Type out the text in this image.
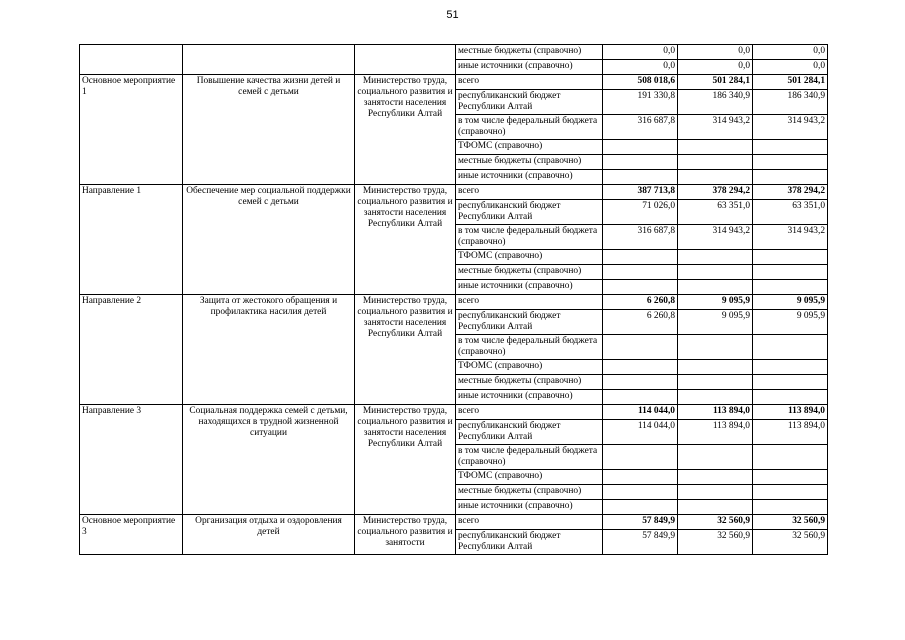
51
			местные бюджеты (справочно)	0,0	0,0	0,0
			иные источники (справочно)	0,0	0,0	0,0
Основное мероприятие 1	Повышение качества жизни детей и семей с детьми	Министерство труда, социального развития и занятости населения Республики Алтай	всего	508 018,6	501 284,1	501 284,1
			республиканский бюджет Республики Алтай	191 330,8	186 340,9	186 340,9
			в том числе федеральный бюджета (справочно)	316 687,8	314 943,2	314 943,2
			ТФОМС (справочно)			
			местные бюджеты (справочно)			
			иные источники (справочно)			
Направление 1	Обеспечение мер социальной поддержки семей с детьми	Министерство труда, социального развития и занятости населения Республики Алтай	всего	387 713,8	378 294,2	378 294,2
			республиканский бюджет Республики Алтай	71 026,0	63 351,0	63 351,0
			в том числе федеральный бюджета (справочно)	316 687,8	314 943,2	314 943,2
			ТФОМС (справочно)			
			местные бюджеты (справочно)			
			иные источники (справочно)			
Направление 2	Защита от жестокого обращения и профилактика насилия детей	Министерство труда, социального развития и занятости населения Республики Алтай	всего	6 260,8	9 095,9	9 095,9
			республиканский бюджет Республики Алтай	6 260,8	9 095,9	9 095,9
			в том числе федеральный бюджета (справочно)			
			ТФОМС (справочно)			
			местные бюджеты (справочно)			
			иные источники (справочно)			
Направление 3	Социальная поддержка семей с детьми, находящихся в трудной жизненной ситуации	Министерство труда, социального развития и занятости населения Республики Алтай	всего	114 044,0	113 894,0	113 894,0
			республиканский бюджет Республики Алтай	114 044,0	113 894,0	113 894,0
			в том числе федеральный бюджета (справочно)			
			ТФОМС (справочно)			
			местные бюджеты (справочно)			
			иные источники (справочно)			
Основное мероприятие 3	Организация отдыха и оздоровления детей	Министерство труда, социального развития и занятости	всего	57 849,9	32 560,9	32 560,9
			республиканский бюджет Республики Алтай	57 849,9	32 560,9	32 560,9
